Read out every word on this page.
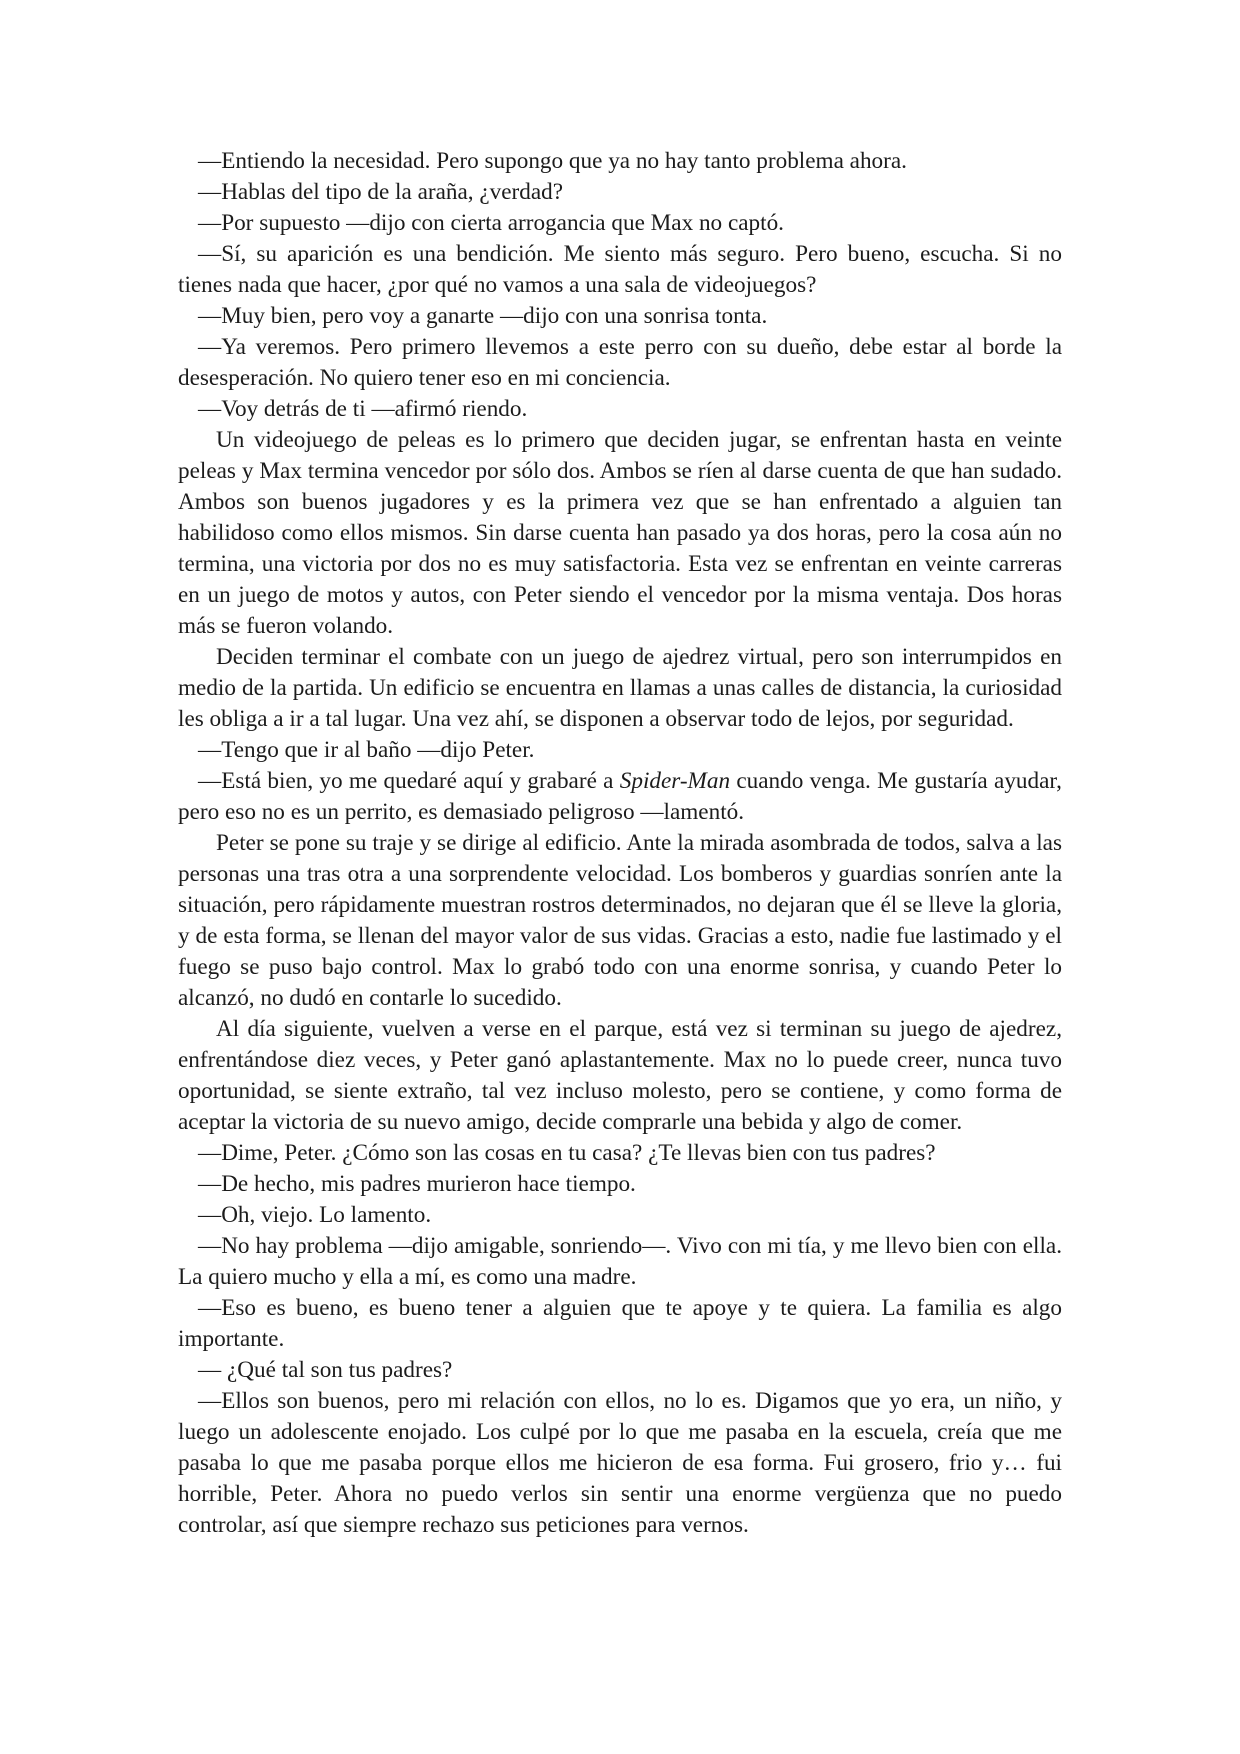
—Entiendo la necesidad. Pero supongo que ya no hay tanto problema ahora.

—Hablas del tipo de la araña, ¿verdad?

—Por supuesto —dijo con cierta arrogancia que Max no captó.

—Sí, su aparición es una bendición. Me siento más seguro. Pero bueno, escucha. Si no tienes nada que hacer, ¿por qué no vamos a una sala de videojuegos?

—Muy bien, pero voy a ganarte —dijo con una sonrisa tonta.

—Ya veremos. Pero primero llevemos a este perro con su dueño, debe estar al borde la desesperación. No quiero tener eso en mi conciencia.

—Voy detrás de ti —afirmó riendo.

Un videojuego de peleas es lo primero que deciden jugar, se enfrentan hasta en veinte peleas y Max termina vencedor por sólo dos. Ambos se ríen al darse cuenta de que han sudado. Ambos son buenos jugadores y es la primera vez que se han enfrentado a alguien tan habilidoso como ellos mismos. Sin darse cuenta han pasado ya dos horas, pero la cosa aún no termina, una victoria por dos no es muy satisfactoria. Esta vez se enfrentan en veinte carreras en un juego de motos y autos, con Peter siendo el vencedor por la misma ventaja. Dos horas más se fueron volando.

Deciden terminar el combate con un juego de ajedrez virtual, pero son interrumpidos en medio de la partida. Un edificio se encuentra en llamas a unas calles de distancia, la curiosidad les obliga a ir a tal lugar. Una vez ahí, se disponen a observar todo de lejos, por seguridad.

—Tengo que ir al baño —dijo Peter.

—Está bien, yo me quedaré aquí y grabaré a Spider-Man cuando venga. Me gustaría ayudar, pero eso no es un perrito, es demasiado peligroso —lamentó.

Peter se pone su traje y se dirige al edificio. Ante la mirada asombrada de todos, salva a las personas una tras otra a una sorprendente velocidad. Los bomberos y guardias sonríen ante la situación, pero rápidamente muestran rostros determinados, no dejaran que él se lleve la gloria, y de esta forma, se llenan del mayor valor de sus vidas. Gracias a esto, nadie fue lastimado y el fuego se puso bajo control. Max lo grabó todo con una enorme sonrisa, y cuando Peter lo alcanzó, no dudó en contarle lo sucedido.

Al día siguiente, vuelven a verse en el parque, está vez si terminan su juego de ajedrez, enfrentándose diez veces, y Peter ganó aplastantemente. Max no lo puede creer, nunca tuvo oportunidad, se siente extraño, tal vez incluso molesto, pero se contiene, y como forma de aceptar la victoria de su nuevo amigo, decide comprarle una bebida y algo de comer.

—Dime, Peter. ¿Cómo son las cosas en tu casa? ¿Te llevas bien con tus padres?

—De hecho, mis padres murieron hace tiempo.

—Oh, viejo. Lo lamento.

—No hay problema —dijo amigable, sonriendo—. Vivo con mi tía, y me llevo bien con ella. La quiero mucho y ella a mí, es como una madre.

—Eso es bueno, es bueno tener a alguien que te apoye y te quiera. La familia es algo importante.

— ¿Qué tal son tus padres?

—Ellos son buenos, pero mi relación con ellos, no lo es. Digamos que yo era, un niño, y luego un adolescente enojado. Los culpé por lo que me pasaba en la escuela, creía que me pasaba lo que me pasaba porque ellos me hicieron de esa forma. Fui grosero, frio y… fui horrible, Peter. Ahora no puedo verlos sin sentir una enorme vergüenza que no puedo controlar, así que siempre rechazo sus peticiones para vernos.
